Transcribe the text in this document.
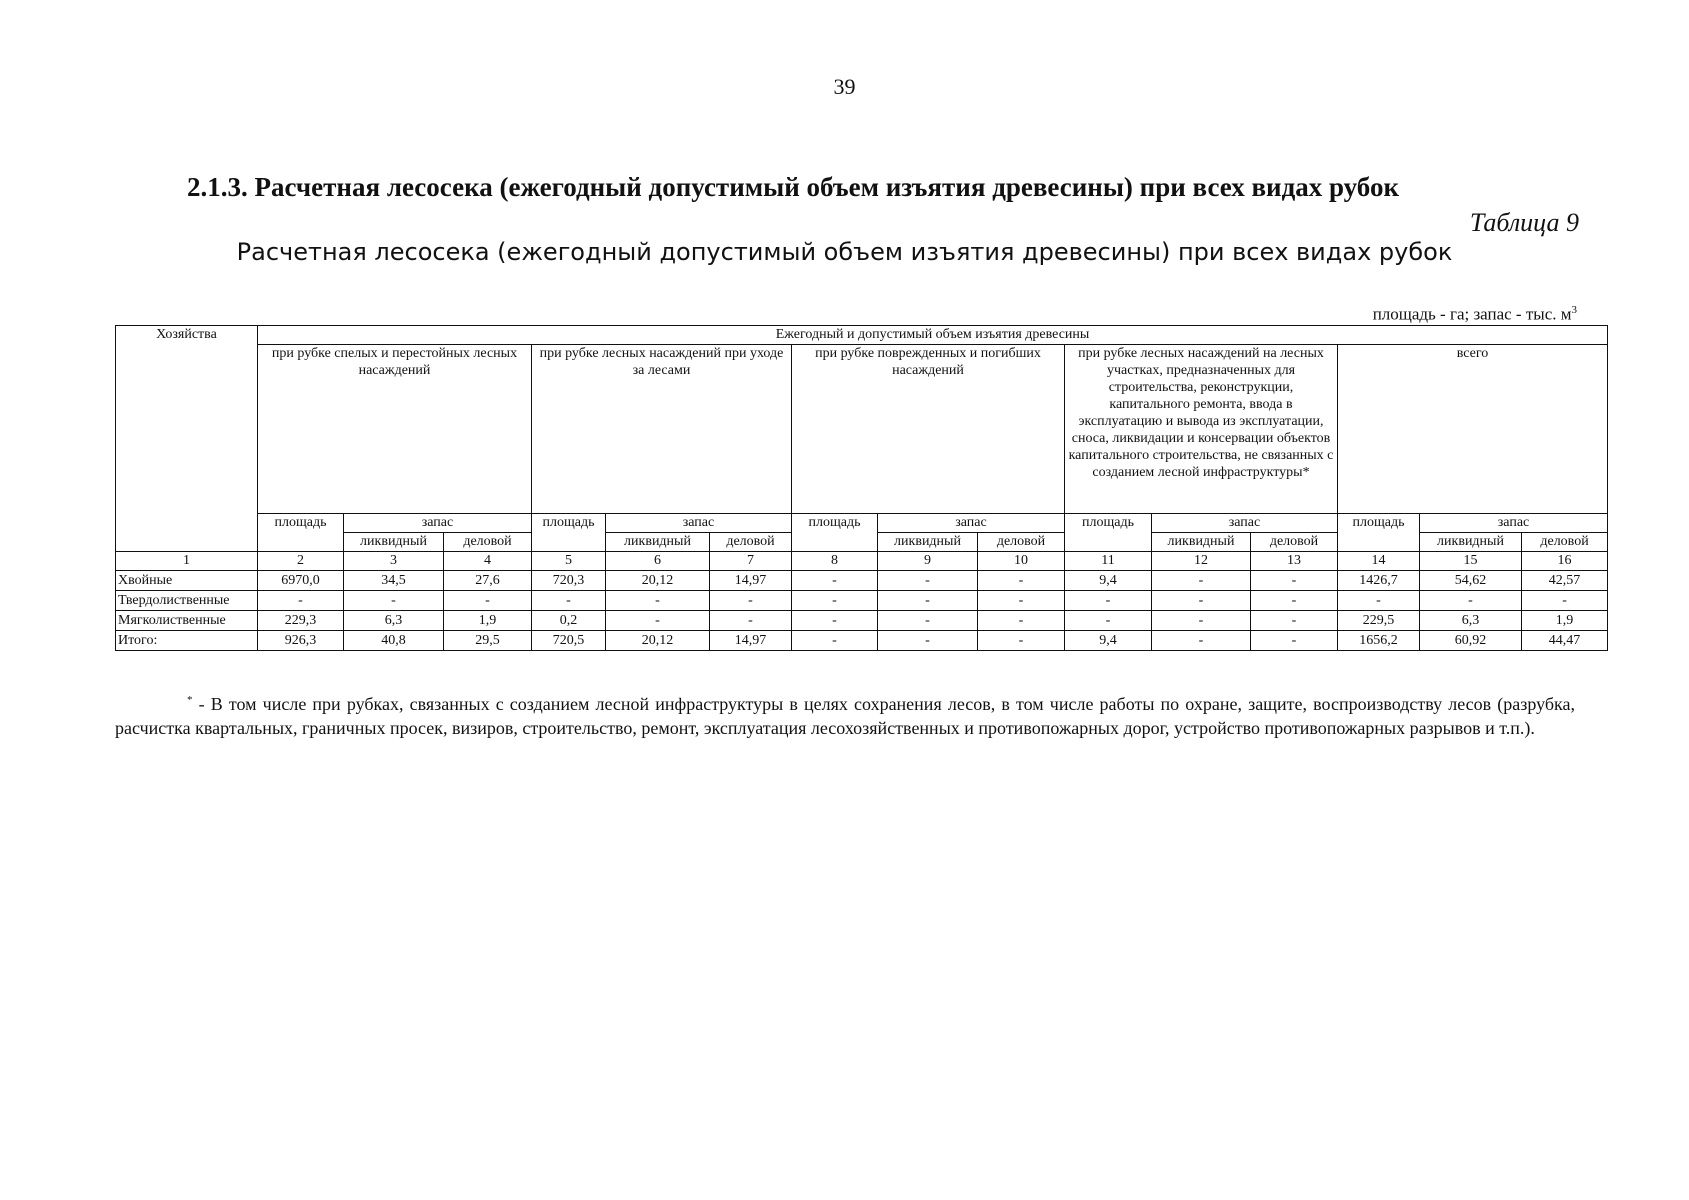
39
2.1.3. Расчетная лесосека (ежегодный допустимый объем изъятия древесины) при всех видах рубок
Таблица 9
Расчетная лесосека (ежегодный допустимый объем изъятия древесины) при всех видах рубок
площадь - га; запас - тыс. $м^3$
Хозяйства	Ежегодный и допустимый объем изъятия древесины														
	при рубке спелых и перестойных лесных насаждений			при рубке лесных насаждений при уходе за лесами			при рубке поврежденных и погибших насаждений			при рубке лесных насаждений на лесных участках, предназначенных для строительства, реконструкции, капитального ремонта, ввода в эксплуатацию и вывода из эксплуатации, сноса, ликвидации и консервации объектов капитального строительства, не связанных с созданием лесной инфраструктуры*			всего		
	площадь	запас		площадь	запас		площадь	запас		площадь	запас		площадь	запас	
		ликвидный	деловой		ликвидный	деловой		ликвидный	деловой		ликвидный	деловой		ликвидный	деловой
1	2	3	4	5	6	7	8	9	10	11	12	13	14	15	16
Хвойные	6970,0	34,5	27,6	720,3	20,12	14,97	-	-	-	9,4	-	-	1426,7	54,62	42,57
Твердолиственные	-	-	-	-	-	-	-	-	-	-	-	-	-	-	-
Мягколиственные	229,3	6,3	1,9	0,2	-	-	-	-	-	-	-	-	229,5	6,3	1,9
Итого:	926,3	40,8	29,5	720,5	20,12	14,97	-	-	-	9,4	-	-	1656,2	60,92	44,47
* - В том числе при рубках, связанных с созданием лесной инфраструктуры в целях сохранения лесов, в том числе работы по охране, защите, воспроизводству лесов (разрубка, расчистка квартальных, граничных просек, визиров, строительство, ремонт, эксплуатация лесохозяйственных и противопожарных дорог, устройство противопожарных разрывов и т.п.).
